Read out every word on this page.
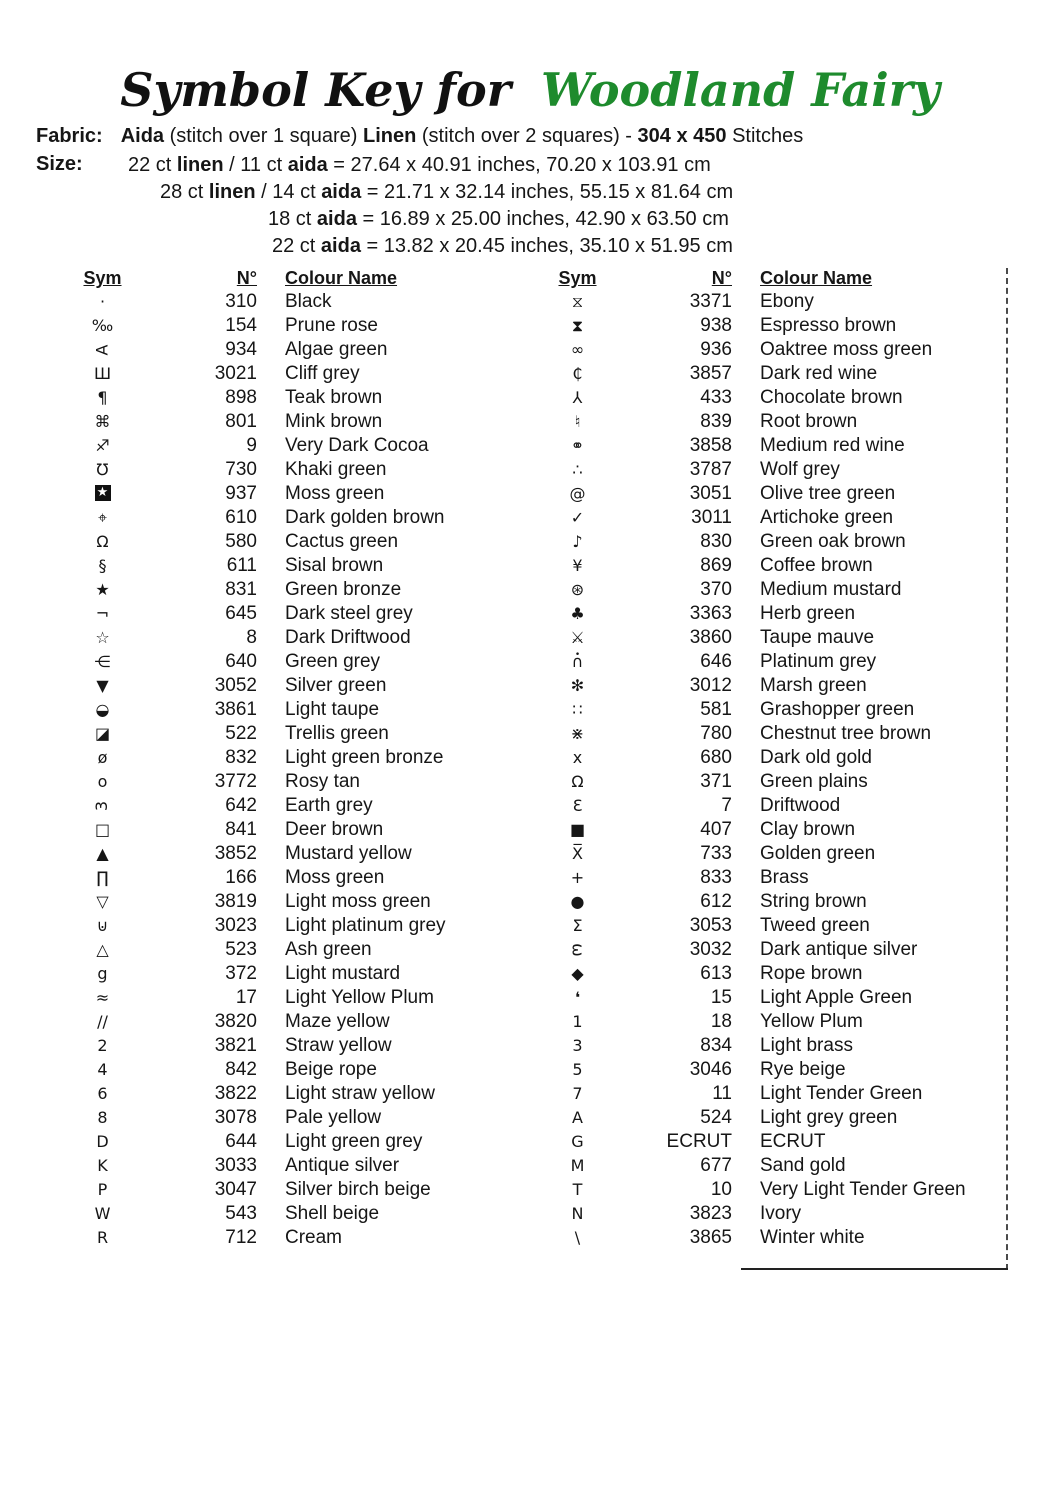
Symbol Key for Woodland Fairy
Fabric: Aida (stitch over 1 square) Linen (stitch over 2 squares) - 304 x 450 Stitches
Size: 22 ct linen / 11 ct aida = 27.64 x 40.91 inches, 70.20 x 103.91 cm
28 ct linen / 14 ct aida = 21.71 x 32.14 inches, 55.15 x 81.64 cm
18 ct aida = 16.89 x 25.00 inches, 42.90 x 63.50 cm
22 ct aida = 13.82 x 20.45 inches, 35.10 x 51.95 cm
Sym	N°	Colour Name
·	310	Black
‰	154	Prune rose
A	934	Algae green
Ш	3021	Cliff grey
¶	898	Teak brown
⌘	801	Mink brown
♐	9	Very Dark Cocoa
℧	730	Khaki green
★	937	Moss green
⌖	610	Dark golden brown
Ω	580	Cactus green
§	611	Sisal brown
★	831	Green bronze
¬	645	Dark steel grey
☆	8	Dark Driftwood
⋲	640	Green grey
▼	3052	Silver green
◒	3861	Light taupe
◪	522	Trellis green
ø	832	Light green bronze
o	3772	Rosy tan
3	642	Earth grey
□	841	Deer brown
▲	3852	Mustard yellow
∏	166	Moss green
▽	3819	Light moss green
⊍	3023	Light platinum grey
△	523	Ash green
g	372	Light mustard
≈	17	Light Yellow Plum
//	3820	Maze yellow
2	3821	Straw yellow
4	842	Beige rope
6	3822	Light straw yellow
8	3078	Pale yellow
D	644	Light green grey
K	3033	Antique silver
P	3047	Silver birch beige
W	543	Shell beige
R	712	Cream
Sym	N°	Colour Name
⧖	3371	Ebony
⧗	938	Espresso brown
∞	936	Oaktree moss green
₵	3857	Dark red wine
⅄	433	Chocolate brown
♮	839	Root brown
⚭	3858	Medium red wine
∴	3787	Wolf grey
@	3051	Olive tree green
✓	3011	Artichoke green
♪	830	Green oak brown
¥	869	Coffee brown
⊛	370	Medium mustard
♣	3363	Herb green
⚔	3860	Taupe mauve
∩ •	646	Platinum grey
✻	3012	Marsh green
∷	581	Grashopper green
⋇	780	Chestnut tree brown
x	680	Dark old gold
Ω	371	Green plains
Ɛ	7	Driftwood
■	407	Clay brown
X̅	733	Golden green
+	833	Brass
●	612	String brown
Σ	3053	Tweed green
ω	3032	Dark antique silver
◆	613	Rope brown
❛	15	Light Apple Green
1	18	Yellow Plum
3	834	Light brass
5	3046	Rye beige
7	11	Light Tender Green
A	524	Light grey green
G	ECRUT	ECRUT
M	677	Sand gold
T	10	Very Light Tender Green
N	3823	Ivory
\	3865	Winter white
